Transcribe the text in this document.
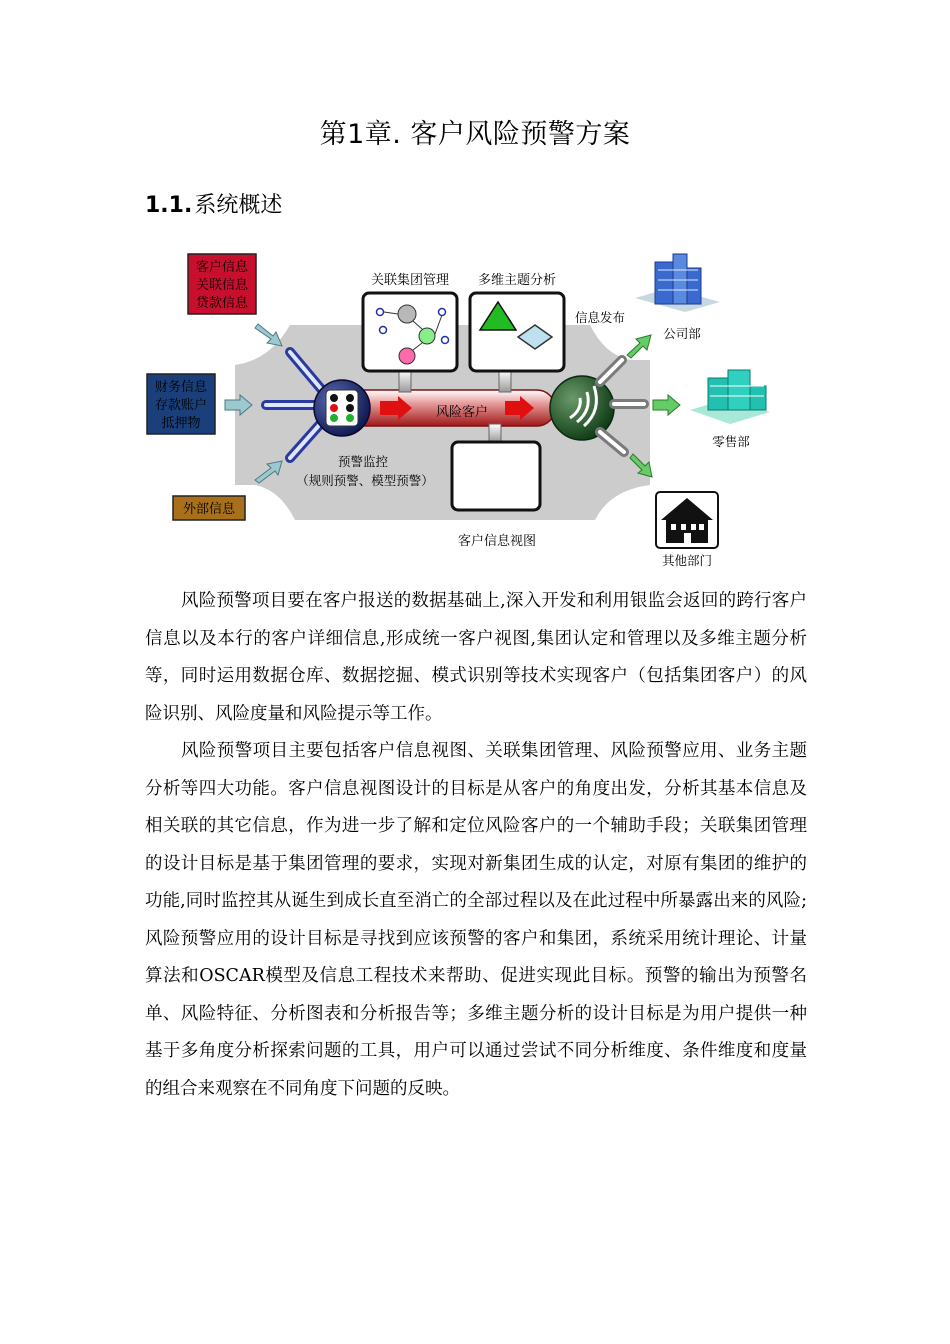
第1章. 客户风险预警方案
1.1.系统概述
客户信息
关联信息
贷款信息
财务信息
存款账户
抵押物
外部信息
风险客户
预警监控
（规则预警、模型预警）
信息发布
关联集团管理 多维主题分析
客户信息视图
公司部
零售部
其他部门

风险预警项目要在客户报送的数据基础上,深入开发和利用银监会返回的跨行客户信息以及本行的客户详细信息,形成统一客户视图,集团认定和管理以及多维主题分析等，同时运用数据仓库、数据挖掘、模式识别等技术实现客户（包括集团客户）的风险识别、风险度量和风险提示等工作。

风险预警项目主要包括客户信息视图、关联集团管理、风险预警应用、业务主题分析等四大功能。客户信息视图设计的目标是从客户的角度出发，分析其基本信息及相关联的其它信息，作为进一步了解和定位风险客户的一个辅助手段；关联集团管理的设计目标是基于集团管理的要求，实现对新集团生成的认定，对原有集团的维护的功能,同时监控其从诞生到成长直至消亡的全部过程以及在此过程中所暴露出来的风险;风险预警应用的设计目标是寻找到应该预警的客户和集团，系统采用统计理论、计量算法和OSCAR模型及信息工程技术来帮助、促进实现此目标。预警的输出为预警名单、风险特征、分析图表和分析报告等；多维主题分析的设计目标是为用户提供一种基于多角度分析探索问题的工具，用户可以通过尝试不同分析维度、条件维度和度量的组合来观察在不同角度下问题的反映。
